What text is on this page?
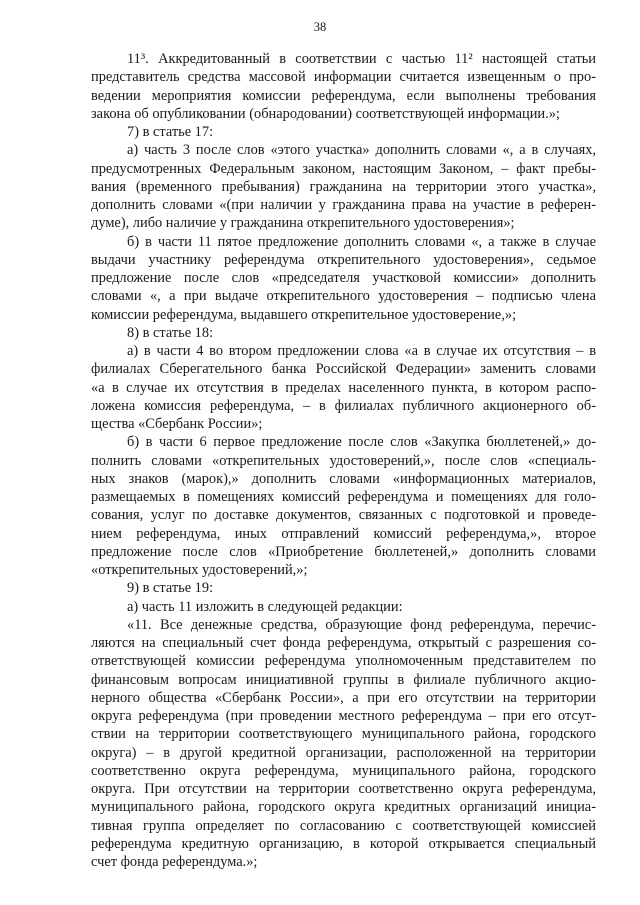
38
11³. Аккредитованный в соответствии с частью 11² настоящей статьи
представитель средства массовой информации считается извещенным о про-
ведении мероприятия комиссии референдума, если выполнены требования
закона об опубликовании (обнародовании) соответствующей информации.»;
7) в статье 17:
а) часть 3 после слов «этого участка» дополнить словами «, а в случаях,
предусмотренных Федеральным законом, настоящим Законом, – факт пребы-
вания (временного пребывания) гражданина на территории этого участка»,
дополнить словами «(при наличии у гражданина права на участие в референ-
думе), либо наличие у гражданина открепительного удостоверения»;
б) в части 11 пятое предложение дополнить словами «, а также в случае
выдачи участнику референдума открепительного удостоверения», седьмое
предложение после слов «председателя участковой комиссии» дополнить
словами «, а при выдаче открепительного удостоверения – подписью члена
комиссии референдума, выдавшего открепительное удостоверение,»;
8) в статье 18:
а) в части 4 во втором предложении слова «а в случае их отсутствия – в
филиалах Сберегательного банка Российской Федерации» заменить словами
«а в случае их отсутствия в пределах населенного пункта, в котором распо-
ложена комиссия референдума, – в филиалах публичного акционерного об-
щества «Сбербанк России»;
б) в части 6 первое предложение после слов «Закупка бюллетеней,» до-
полнить словами «открепительных удостоверений,», после слов «специаль-
ных знаков (марок),» дополнить словами «информационных материалов,
размещаемых в помещениях комиссий референдума и помещениях для голо-
сования, услуг по доставке документов, связанных с подготовкой и проведе-
нием референдума, иных отправлений комиссий референдума,», второе
предложение после слов «Приобретение бюллетеней,» дополнить словами
«открепительных удостоверений,»;
9) в статье 19:
а) часть 11 изложить в следующей редакции:
«11. Все денежные средства, образующие фонд референдума, перечис-
ляются на специальный счет фонда референдума, открытый с разрешения со-
ответствующей комиссии референдума уполномоченным представителем по
финансовым вопросам инициативной группы в филиале публичного акцио-
нерного общества «Сбербанк России», а при его отсутствии на территории
округа референдума (при проведении местного референдума – при его отсут-
ствии на территории соответствующего муниципального района, городского
округа) – в другой кредитной организации, расположенной на территории
соответственно округа референдума, муниципального района, городского
округа. При отсутствии на территории соответственно округа референдума,
муниципального района, городского округа кредитных организаций инициа-
тивная группа определяет по согласованию с соответствующей комиссией
референдума кредитную организацию, в которой открывается специальный
счет фонда референдума.»;
